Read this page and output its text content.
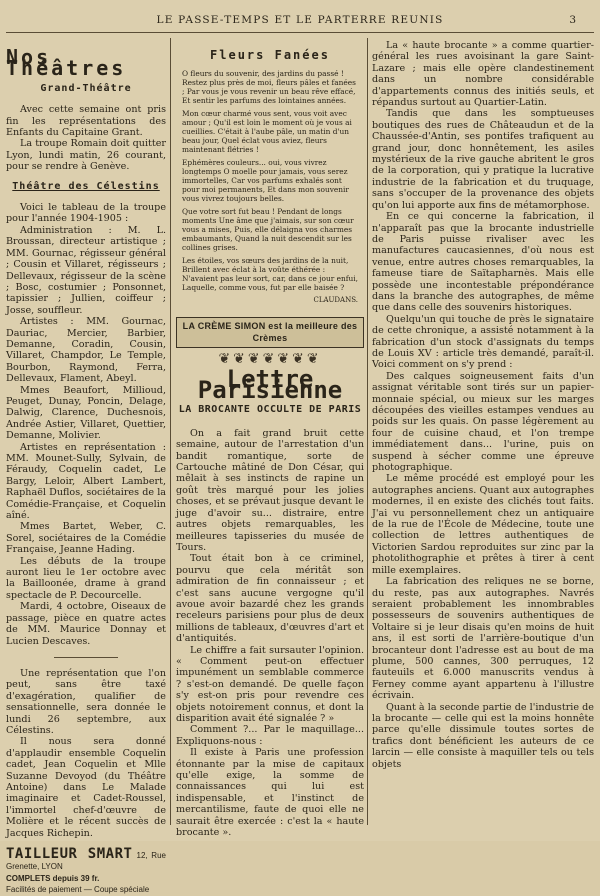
LE PASSE-TEMPS ET LE PARTERRE REUNIS	3
Nos Théâtres
Grand-Théâtre

Avec cette semaine ont pris fin les représentations des Enfants du Capitaine Grant.

La troupe Romain doit quitter Lyon, lundi matin, 26 courant, pour se rendre à Genève.

Théâtre des Célestins

Voici le tableau de la troupe pour l'année 1904-1905 :

Administration : M. L. Broussan, directeur artistique ; MM. Gournac, régisseur général ; Cousin et Villaret, régisseurs ; Dellevaux, régisseur de la scène ; Bosc, costumier ; Ponsonnet, tapissier ; Jullien, coiffeur ; Josse, souffleur.

Artistes : MM. Gournac, Dauriac, Mercier, Barbier, Demanne, Coradin, Cousin, Villaret, Champdor, Le Temple, Bourbon, Raymond, Ferra, Dellevaux, Flament, Abeyl.

Mmes Beaufort, Millioud, Peuget, Dunay, Poncin, Delage, Dalwig, Clarence, Duchesnois, Andrée Astier, Villaret, Quettier, Demanne, Molivier.

Artistes en représentation : MM. Mounet-Sully, Sylvain, de Féraudy, Coquelin cadet, Le Bargy, Leloir, Albert Lambert, Raphaël Duflos, sociétaires de la Comédie-Française, et Coquelin aîné.

Mmes Bartet, Weber, C. Sorel, sociétaires de la Comédie Française, Jeanne Hading.

Les débuts de la troupe auront lieu le 1er octobre avec la Bailloonée, drame à grand spectacle de P. Decourcelle.

Mardi, 4 octobre, Oiseaux de passage, pièce en quatre actes de MM. Maurice Donnay et Lucien Descaves.

Une représentation que l'on peut, sans être taxé d'exagération, qualifier de sensationnelle, sera donnée le lundi 26 septembre, aux Célestins.

Il nous sera donné d'applaudir ensemble Coquelin cadet, Jean Coquelin et Mlle Suzanne Devoyod (du Théâtre Antoine) dans Le Malade imaginaire et Cadet-Roussel, l'immortel chef-d'œuvre de Molière et le récent succès de Jacques Richepin.

TAILLEUR SMART 12, Rue Grenette, LYON
COMPLETS depuis 39 fr.
Facilités de paiement — Coupe spéciale
Fleurs Fanées
O fleurs du souvenir, des jardins du passé ! Restez plus près de moi, fleurs pâles et fanées ; Par vous je vous revenir un beau rêve effacé, Et sentir les parfums des lointaines années.
Mon cœur charmé vous sent, vous voit avec amour ; Qu'il est loin le moment où je vous ai cueillies. C'était à l'aube pâle, un matin d'un beau jour, Quel éclat vous aviez, fleurs maintenant flétries !
Ephémères couleurs... oui, vous vivrez longtemps O moelle pour jamais, vous serez immortelles, Car vos parfums exhalés sont pour moi permanents, Et dans mon souvenir vous vivrez toujours belles.
Que votre sort fut beau ! Pendant de longs moments Une âme que j'aimais, sur son cœur vous a mises, Puis, elle délaigna vos charmes embaumants, Quand la nuit descendit sur les collines grises.
Les étoiles, vos sœurs des jardins de la nuit, Brillent avec éclat à la voûte éthérée : N'avaient pas leur sort, car, dans ce jour enfui, Laquelle, comme vous, fut par elle baisée ?
CLAUDANS.
LA CRÈME SIMON est la meilleure des Crèmes
❦❦❦❦❦❦❦
Lettre Parisienne
LA BROCANTE OCCULTE DE PARIS

On a fait grand bruit cette semaine, autour de l'arrestation d'un bandit romantique, sorte de Cartouche mâtiné de Don César, qui mêlait à ses instincts de rapine un goût très marqué pour les jolies choses, et se prévaut jusque devant le juge d'avoir su... distraire, entre autres objets remarquables, les meilleures tapisseries du musée de Tours.

Tout était bon à ce criminel, pourvu que cela méritât son admiration de fin connaisseur ; et c'est sans aucune vergogne qu'il avoue avoir bazardé chez les grands receleurs parisiens pour plus de deux millions de tableaux, d'œuvres d'art et d'antiquités.

Le chiffre a fait sursauter l'opinion. « Comment peut-on effectuer impunément un semblable commerce ? s'est-on demandé. De quelle façon s'y est-on pris pour revendre ces objets notoirement connus, et dont la disparition avait été signalée ? »

Comment ?... Par le maquillage... Expliquons-nous :

Il existe à Paris une profession étonnante par la mise de capitaux qu'elle exige, la somme de connaissances qui lui est indispensable, et l'instinct de mercantilisme, faute de quoi elle ne saurait être exercée : c'est la « haute brocante ».

La « haute brocante » a comme quartier-général les rues avoisinant la gare Saint-Lazare ; mais elle opère clandestinement dans un nombre considérable d'appartements connus des initiés seuls, et répandus surtout au Quartier-Latin.

Tandis que dans les somptueuses boutiques des rues de Châteaudun et de la Chaussée-d'Antin, ses pontifes trafiquent au grand jour, donc honnêtement, les asiles mystérieux de la rive gauche abritent le gros de la corporation, qui y pratique la lucrative industrie de la fabrication et du truquage, sans s'occuper de la provenance des objets qu'on lui apporte aux fins de métamorphose.

En ce qui concerne la fabrication, il n'apparaît pas que la brocante industrielle de Paris puisse rivaliser avec les manufactures caucasiennes, d'où nous est venue, entre autres choses remarquables, la fameuse tiare de Saïtapharnès. Mais elle possède une incontestable prépondérance dans la branche des autographes, de même que dans celle des souvenirs historiques.

Quelqu'un qui touche de près le signataire de cette chronique, a assisté notamment à la fabrication d'un stock d'assignats du temps de Louis XV : article très demandé, paraît-il. Voici comment on s'y prend :

Des calques soigneusement faits d'un assignat véritable sont tirés sur un papier-monnaie spécial, ou mieux sur les marges découpées des vieilles estampes vendues au poids sur les quais. On passe légèrement au four de cuisine chaud, et l'on trempe immédiatement dans... l'urine, puis on suspend à sécher comme une épreuve photographique.

Le même procédé est employé pour les autographes anciens. Quant aux autographes modernes, il en existe des clichés tout faits. J'ai vu personnellement chez un antiquaire de la rue de l'École de Médecine, toute une collection de lettres authentiques de Victorien Sardou reproduites sur zinc par la photolithographie et prêtes à tirer à cent mille exemplaires.

La fabrication des reliques ne se borne, du reste, pas aux autographes. Navrés seraient probablement les innombrables possesseurs de souvenirs authentiques de Voltaire si je leur disais qu'en moins de huit ans, il est sorti de l'arrière-boutique d'un brocanteur dont l'adresse est au bout de ma plume, 500 cannes, 300 perruques, 12 fauteuils et 6.000 manuscrits vendus à Ferney comme ayant appartenu à l'illustre écrivain.

Quant à la seconde partie de l'industrie de la brocante — celle qui est la moins honnête parce qu'elle dissimule toutes sortes de trafics dont bénéficient les auteurs de ce larcin — elle consiste à maquiller tels ou tels objets
